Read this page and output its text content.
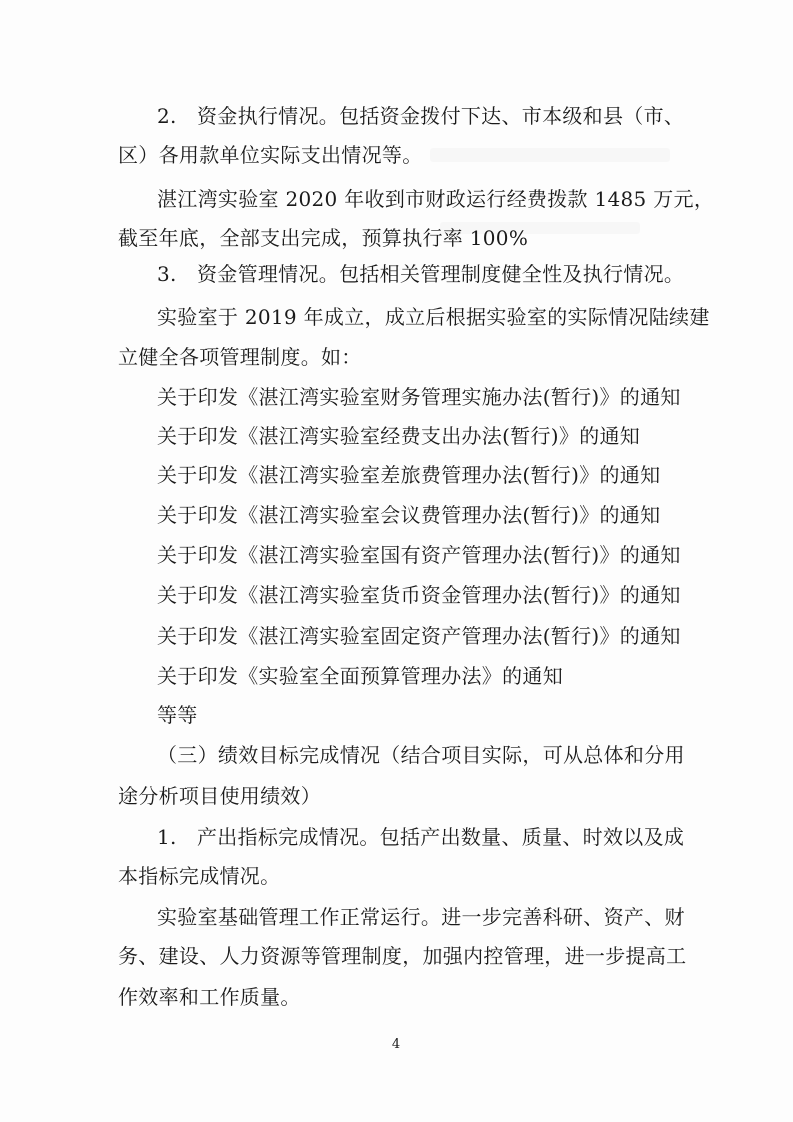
2.　资金执行情况。包括资金拨付下达、市本级和县（市、
区）各用款单位实际支出情况等。
湛江湾实验室 2020 年收到市财政运行经费拨款 1485 万元，
截至年底，全部支出完成，预算执行率 100%
3.　资金管理情况。包括相关管理制度健全性及执行情况。
实验室于 2019 年成立，成立后根据实验室的实际情况陆续建
立健全各项管理制度。如：
关于印发《湛江湾实验室财务管理实施办法(暂行)》的通知
关于印发《湛江湾实验室经费支出办法(暂行)》的通知
关于印发《湛江湾实验室差旅费管理办法(暂行)》的通知
关于印发《湛江湾实验室会议费管理办法(暂行)》的通知
关于印发《湛江湾实验室国有资产管理办法(暂行)》的通知
关于印发《湛江湾实验室货币资金管理办法(暂行)》的通知
关于印发《湛江湾实验室固定资产管理办法(暂行)》的通知
关于印发《实验室全面预算管理办法》的通知
等等
（三）绩效目标完成情况（结合项目实际，可从总体和分用
途分析项目使用绩效）
1.　产出指标完成情况。包括产出数量、质量、时效以及成
本指标完成情况。
实验室基础管理工作正常运行。进一步完善科研、资产、财
务、建设、人力资源等管理制度，加强内控管理，进一步提高工
作效率和工作质量。
4
